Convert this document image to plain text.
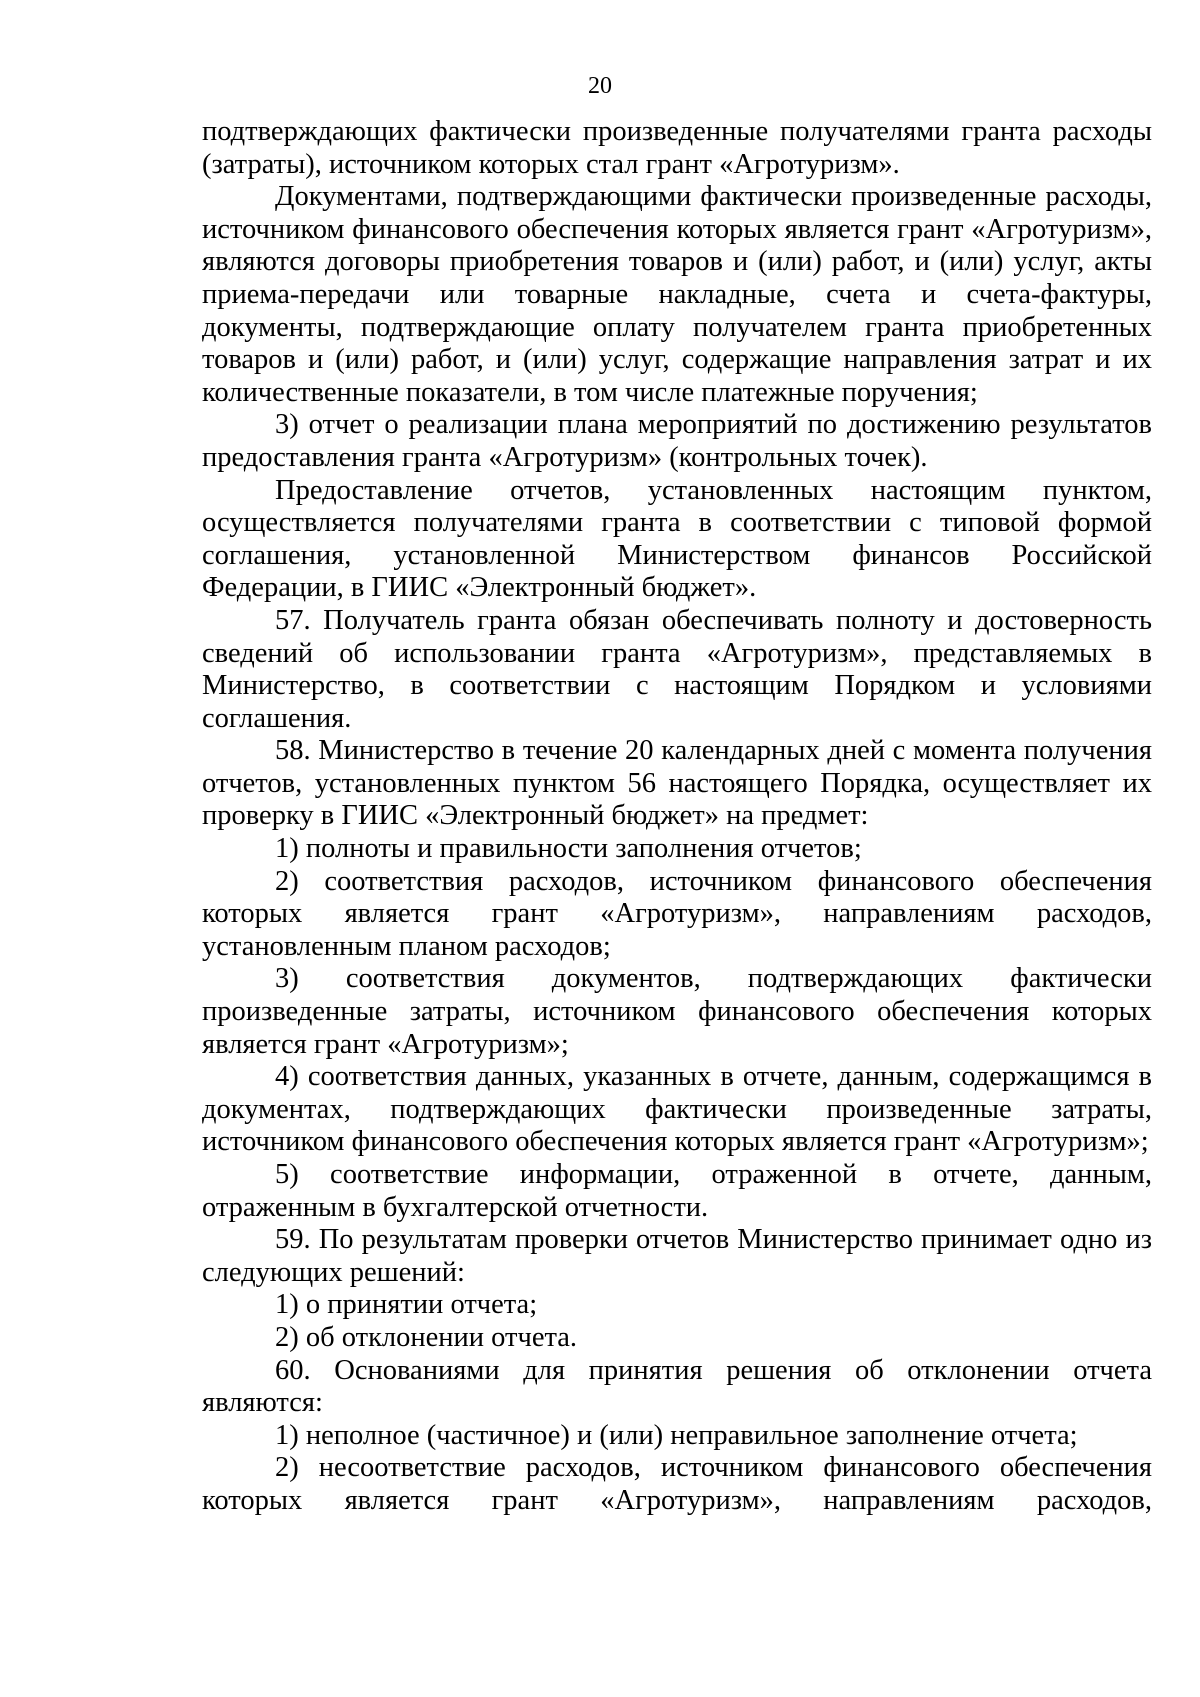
20

подтверждающих фактически произведенные получателями гранта расходы (затраты), источником которых стал грант «Агротуризм».

Документами, подтверждающими фактически произведенные расходы, источником финансового обеспечения которых является грант «Агротуризм», являются договоры приобретения товаров и (или) работ, и (или) услуг, акты приема-передачи или товарные накладные, счета и счета-фактуры, документы, подтверждающие оплату получателем гранта приобретенных товаров и (или) работ, и (или) услуг, содержащие направления затрат и их количественные показатели, в том числе платежные поручения;

3) отчет о реализации плана мероприятий по достижению результатов предоставления гранта «Агротуризм» (контрольных точек).

Предоставление отчетов, установленных настоящим пунктом, осуществляется получателями гранта в соответствии с типовой формой соглашения, установленной Министерством финансов Российской Федерации, в ГИИС «Электронный бюджет».

57. Получатель гранта обязан обеспечивать полноту и достоверность сведений об использовании гранта «Агротуризм», представляемых в Министерство, в соответствии с настоящим Порядком и условиями соглашения.

58. Министерство в течение 20 календарных дней с момента получения отчетов, установленных пунктом 56 настоящего Порядка, осуществляет их проверку в ГИИС «Электронный бюджет» на предмет:

1) полноты и правильности заполнения отчетов;

2) соответствия расходов, источником финансового обеспечения которых является грант «Агротуризм», направлениям расходов, установленным планом расходов;

3) соответствия документов, подтверждающих фактически произведенные затраты, источником финансового обеспечения которых является грант «Агротуризм»;

4) соответствия данных, указанных в отчете, данным, содержащимся в документах, подтверждающих фактически произведенные затраты, источником финансового обеспечения которых является грант «Агротуризм»;

5) соответствие информации, отраженной в отчете, данным, отраженным в бухгалтерской отчетности.

59. По результатам проверки отчетов Министерство принимает одно из следующих решений:

1) о принятии отчета;

2) об отклонении отчета.

60. Основаниями для принятия решения об отклонении отчета являются:

1) неполное (частичное) и (или) неправильное заполнение отчета;

2) несоответствие расходов, источником финансового обеспечения которых является грант «Агротуризм», направлениям расходов,
